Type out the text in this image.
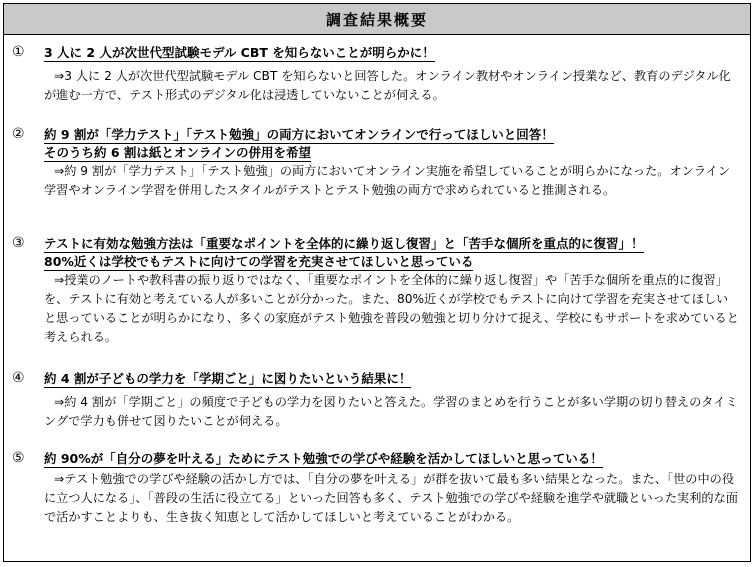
調査結果概要
① 3 人に 2 人が次世代型試験モデル CBT を知らないことが明らかに！
⇒3 人に 2 人が次世代型試験モデル CBT を知らないと回答した。オンライン教材やオンライン授業など、教育のデジタル化が進む一方で、テスト形式のデジタル化は浸透していないことが伺える。
② 約 9 割が「学力テスト」「テスト勉強」の両方においてオンラインで行ってほしいと回答！
そのうち約 6 割は紙とオンラインの併用を希望
⇒約 9 割が「学力テスト」「テスト勉強」の両方においてオンライン実施を希望していることが明らかになった。オンライン学習やオンライン学習を併用したスタイルがテストとテスト勉強の両方で求められていると推測される。
③ テストに有効な勉強方法は「重要なポイントを全体的に繰り返し復習」と「苦手な個所を重点的に復習」！
80%近くは学校でもテストに向けての学習を充実させてほしいと思っている
⇒授業のノートや教科書の振り返りではなく、「重要なポイントを全体的に繰り返し復習」や「苦手な個所を重点的に復習」を、テストに有効と考えている人が多いことが分かった。また、80%近くが学校でもテストに向けて学習を充実させてほしいと思っていることが明らかになり、多くの家庭がテスト勉強を普段の勉強と切り分けて捉え、学校にもサポートを求めていると考えられる。
④ 約 4 割が子どもの学力を「学期ごと」に図りたいという結果に！
⇒約 4 割が「学期ごと」の頻度で子どもの学力を図りたいと答えた。学習のまとめを行うことが多い学期の切り替えのタイミングで学力も併せて図りたいことが伺える。
⑤ 約 90%が「自分の夢を叶える」ためにテスト勉強での学びや経験を活かしてほしいと思っている！
⇒テスト勉強での学びや経験の活かし方では、「自分の夢を叶える」が群を抜いて最も多い結果となった。また、「世の中の役に立つ人になる」、「普段の生活に役立てる」といった回答も多く、テスト勉強での学びや経験を進学や就職といった実利的な面で活かすことよりも、生き抜く知恵として活かしてほしいと考えていることがわかる。
